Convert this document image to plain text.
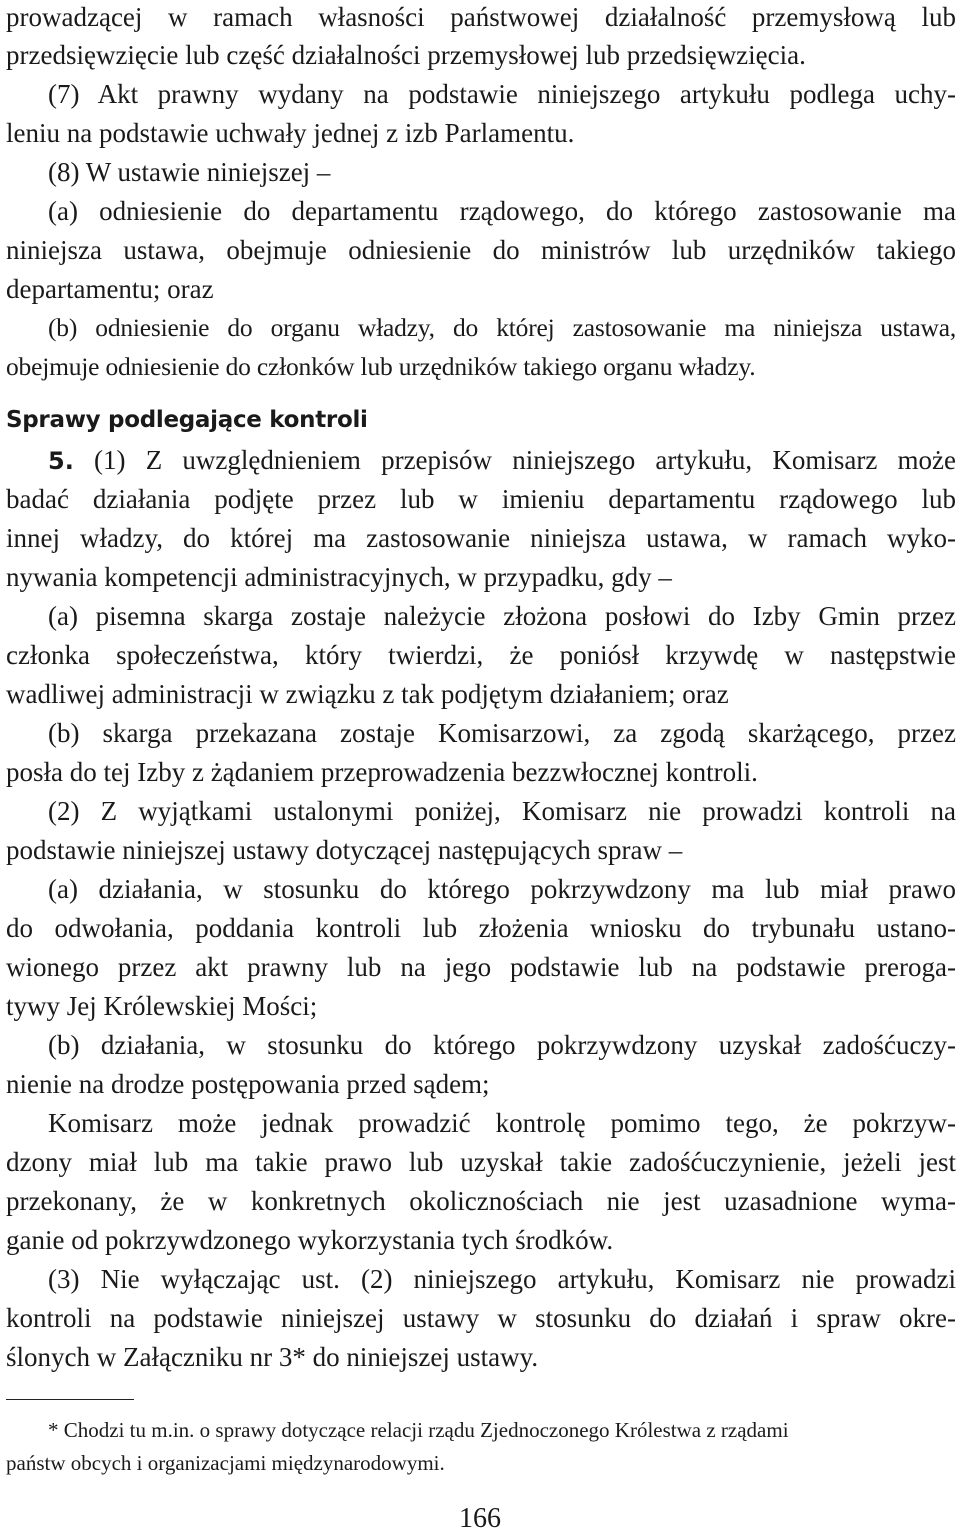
prowadzącej w ramach własności państwowej działalność przemysłową lub
przedsięwzięcie lub część działalności przemysłowej lub przedsięwzięcia.
(7) Akt prawny wydany na podstawie niniejszego artykułu podlega uchy-
leniu na podstawie uchwały jednej z izb Parlamentu.
(8) W ustawie niniejszej –
(a) odniesienie do departamentu rządowego, do którego zastosowanie ma
niniejsza ustawa, obejmuje odniesienie do ministrów lub urzędników takiego
departamentu; oraz
(b) odniesienie do organu władzy, do której zastosowanie ma niniejsza ustawa,
obejmuje odniesienie do członków lub urzędników takiego organu władzy.
Sprawy podlegające kontroli
5. (1) Z uwzględnieniem przepisów niniejszego artykułu, Komisarz może
badać działania podjęte przez lub w imieniu departamentu rządowego lub
innej władzy, do której ma zastosowanie niniejsza ustawa, w ramach wyko-
nywania kompetencji administracyjnych, w przypadku, gdy –
(a) pisemna skarga zostaje należycie złożona posłowi do Izby Gmin przez
członka społeczeństwa, który twierdzi, że poniósł krzywdę w następstwie
wadliwej administracji w związku z tak podjętym działaniem; oraz
(b) skarga przekazana zostaje Komisarzowi, za zgodą skarżącego, przez
posła do tej Izby z żądaniem przeprowadzenia bezzwłocznej kontroli.
(2) Z wyjątkami ustalonymi poniżej, Komisarz nie prowadzi kontroli na
podstawie niniejszej ustawy dotyczącej następujących spraw –
(a) działania, w stosunku do którego pokrzywdzony ma lub miał prawo
do odwołania, poddania kontroli lub złożenia wniosku do trybunału ustano-
wionego przez akt prawny lub na jego podstawie lub na podstawie preroga-
tywy Jej Królewskiej Mości;
(b) działania, w stosunku do którego pokrzywdzony uzyskał zadośćuczy-
nienie na drodze postępowania przed sądem;
Komisarz może jednak prowadzić kontrolę pomimo tego, że pokrzyw-
dzony miał lub ma takie prawo lub uzyskał takie zadośćuczynienie, jeżeli jest
przekonany, że w konkretnych okolicznościach nie jest uzasadnione wyma-
ganie od pokrzywdzonego wykorzystania tych środków.
(3) Nie wyłączając ust. (2) niniejszego artykułu, Komisarz nie prowadzi
kontroli na podstawie niniejszej ustawy w stosunku do działań i spraw okre-
ślonych w Załączniku nr 3* do niniejszej ustawy.
* Chodzi tu m.in. o sprawy dotyczące relacji rządu Zjednoczonego Królestwa z rządami
państw obcych i organizacjami międzynarodowymi.
166
